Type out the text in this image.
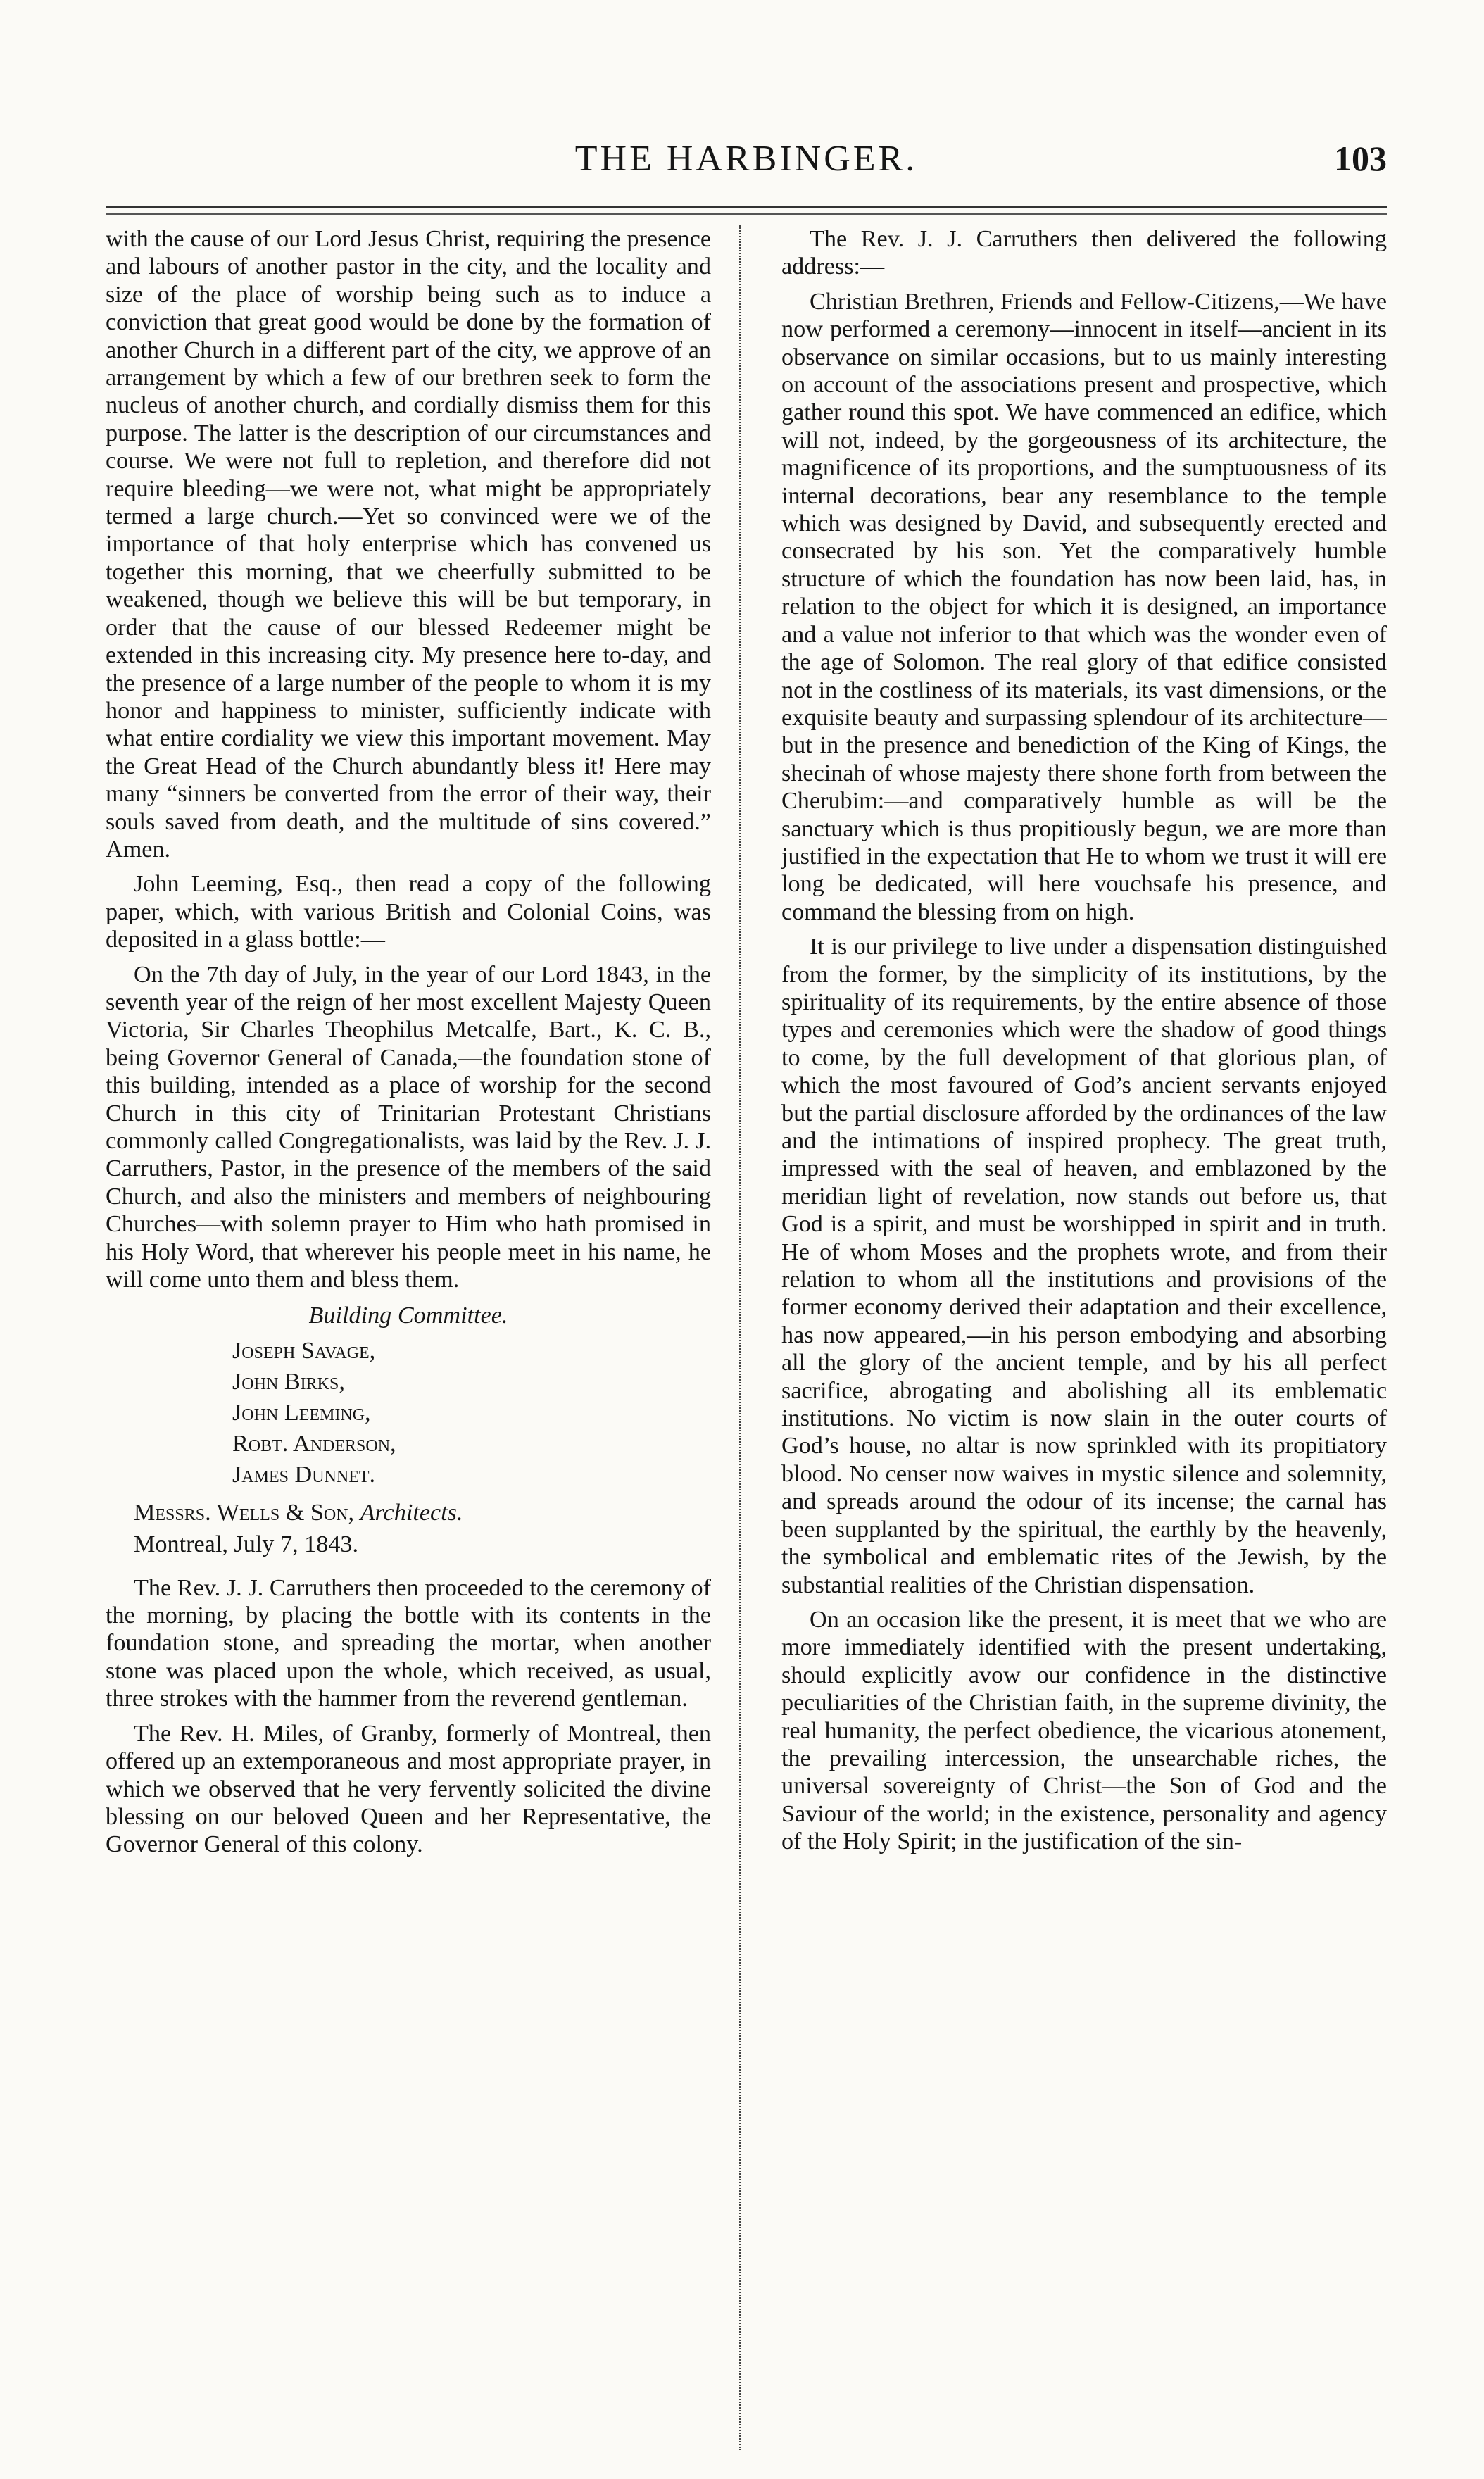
THE HARBINGER.	103

with the cause of our Lord Jesus Christ, requiring the presence and labours of another pastor in the city, and the locality and size of the place of worship being such as to induce a conviction that great good would be done by the formation of another Church in a different part of the city, we approve of an arrangement by which a few of our brethren seek to form the nucleus of another church, and cordially dismiss them for this purpose. The latter is the description of our circumstances and course. We were not full to repletion, and therefore did not require bleeding—we were not, what might be appropriately termed a large church.—Yet so convinced were we of the importance of that holy enterprise which has convened us together this morning, that we cheerfully submitted to be weakened, though we believe this will be but temporary, in order that the cause of our blessed Redeemer might be extended in this increasing city. My presence here to-day, and the presence of a large number of the people to whom it is my honor and happiness to minister, sufficiently indicate with what entire cordiality we view this important movement. May the Great Head of the Church abundantly bless it! Here may many “sinners be converted from the error of their way, their souls saved from death, and the multitude of sins covered.” Amen.

John Leeming, Esq., then read a copy of the following paper, which, with various British and Colonial Coins, was deposited in a glass bottle:—

On the 7th day of July, in the year of our Lord 1843, in the seventh year of the reign of her most excellent Majesty Queen Victoria, Sir Charles Theophilus Metcalfe, Bart., K. C. B., being Governor General of Canada,—the foundation stone of this building, intended as a place of worship for the second Church in this city of Trinitarian Protestant Christians commonly called Congregationalists, was laid by the Rev. J. J. Carruthers, Pastor, in the presence of the members of the said Church, and also the ministers and members of neighbouring Churches—with solemn prayer to Him who hath promised in his Holy Word, that wherever his people meet in his name, he will come unto them and bless them.

Building Committee.
Joseph Savage,
John Birks,
John Leeming,
Robt. Anderson,
James Dunnet.
Messrs. Wells & Son, Architects.
Montreal, July 7, 1843.

The Rev. J. J. Carruthers then proceeded to the ceremony of the morning, by placing the bottle with its contents in the foundation stone, and spreading the mortar, when another stone was placed upon the whole, which received, as usual, three strokes with the hammer from the reverend gentleman.

The Rev. H. Miles, of Granby, formerly of Montreal, then offered up an extemporaneous and most appropriate prayer, in which we observed that he very fervently solicited the divine blessing on our beloved Queen and her Representative, the Governor General of this colony.

The Rev. J. J. Carruthers then delivered the following address:—

Christian Brethren, Friends and Fellow-Citizens,—We have now performed a ceremony—innocent in itself—ancient in its observance on similar occasions, but to us mainly interesting on account of the associations present and prospective, which gather round this spot. We have commenced an edifice, which will not, indeed, by the gorgeousness of its architecture, the magnificence of its proportions, and the sumptuousness of its internal decorations, bear any resemblance to the temple which was designed by David, and subsequently erected and consecrated by his son. Yet the comparatively humble structure of which the foundation has now been laid, has, in relation to the object for which it is designed, an importance and a value not inferior to that which was the wonder even of the age of Solomon. The real glory of that edifice consisted not in the costliness of its materials, its vast dimensions, or the exquisite beauty and surpassing splendour of its architecture—but in the presence and benediction of the King of Kings, the shecinah of whose majesty there shone forth from between the Cherubim:—and comparatively humble as will be the sanctuary which is thus propitiously begun, we are more than justified in the expectation that He to whom we trust it will ere long be dedicated, will here vouchsafe his presence, and command the blessing from on high.

It is our privilege to live under a dispensation distinguished from the former, by the simplicity of its institutions, by the spirituality of its requirements, by the entire absence of those types and ceremonies which were the shadow of good things to come, by the full development of that glorious plan, of which the most favoured of God’s ancient servants enjoyed but the partial disclosure afforded by the ordinances of the law and the intimations of inspired prophecy. The great truth, impressed with the seal of heaven, and emblazoned by the meridian light of revelation, now stands out before us, that God is a spirit, and must be worshipped in spirit and in truth. He of whom Moses and the prophets wrote, and from their relation to whom all the institutions and provisions of the former economy derived their adaptation and their excellence, has now appeared,—in his person embodying and absorbing all the glory of the ancient temple, and by his all perfect sacrifice, abrogating and abolishing all its emblematic institutions. No victim is now slain in the outer courts of God’s house, no altar is now sprinkled with its propitiatory blood. No censer now waives in mystic silence and solemnity, and spreads around the odour of its incense; the carnal has been supplanted by the spiritual, the earthly by the heavenly, the symbolical and emblematic rites of the Jewish, by the substantial realities of the Christian dispensation.

On an occasion like the present, it is meet that we who are more immediately identified with the present undertaking, should explicitly avow our confidence in the distinctive peculiarities of the Christian faith, in the supreme divinity, the real humanity, the perfect obedience, the vicarious atonement, the prevailing intercession, the unsearchable riches, the universal sovereignty of Christ—the Son of God and the Saviour of the world; in the existence, personality and agency of the Holy Spirit; in the justification of the sin-
